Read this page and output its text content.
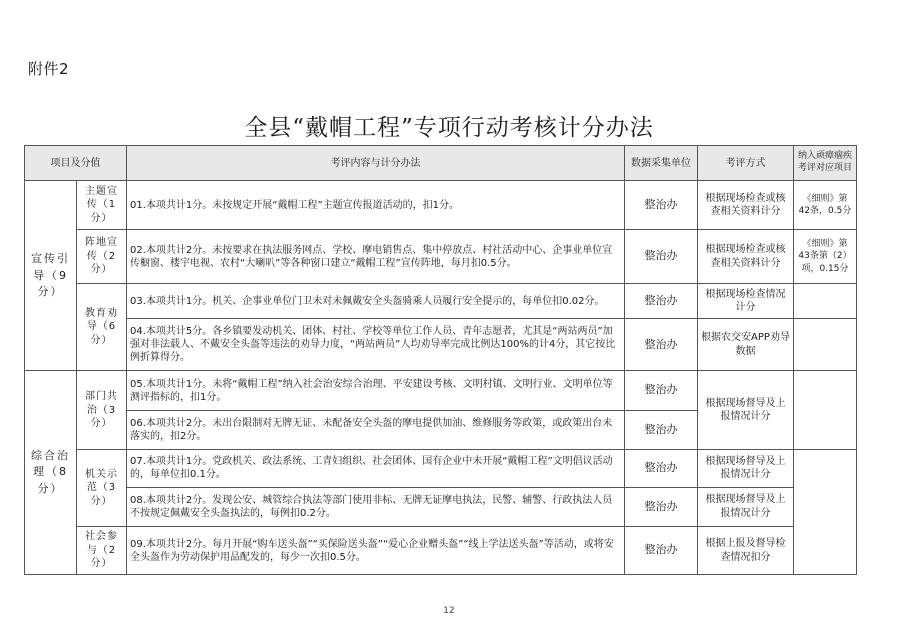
附件2
全县“戴帽工程”专项行动考核计分办法
项目及分值		考评内容与计分办法	数据采集单位	考评方式	纳入顽瘴痼疾考评对应项目
宣传引导（9分）	主题宣传（1分）	01.本项共计1分。未按规定开展“戴帽工程”主题宣传报道活动的，扣1分。	整治办	根据现场检查或核查相关资料计分	《细则》第42条，0.5分
	阵地宣传（2分）	02.本项共计2分。未按要求在执法服务网点、学校、摩电销售点、集中停放点、村社活动中心、企事业单位宣传橱窗、楼宇电视、农村“大喇叭”等各种窗口建立“戴帽工程”宣传阵地，每月扣0.5分。	整治办	根据现场检查或核查相关资料计分	《细则》第43条第（2）项，0.15分
	教育劝导（6分）	03.本项共计1分。机关、企事业单位门卫未对未佩戴安全头盔骑乘人员履行安全提示的，每单位扣0.02分。	整治办	根据现场检查情况计分	
		04.本项共计5分。各乡镇要发动机关、团体、村社、学校等单位工作人员、青年志愿者，尤其是“两站两员”加强对非法载人、不戴安全头盔等违法的劝导力度，“两站两员”人均劝导率完成比例达100%的计4分，其它按比例折算得分。	整治办	根据农交安APP劝导数据	
综合治理（8分）	部门共治（3分）	05.本项共计1分。未将“戴帽工程”纳入社会治安综合治理、平安建设考核、文明村镇、文明行业、文明单位等测评指标的，扣1分。	整治办	根据现场督导及上报情况计分	
		06.本项共计2分。未出台限制对无牌无证、未配备安全头盔的摩电提供加油、维修服务等政策，或政策出台未落实的，扣2分。	整治办		
	机关示范（3分）	07.本项共计1分。党政机关、政法系统、工青妇组织、社会团体、国有企业中未开展“戴帽工程”文明倡议活动的，每单位扣0.1分。	整治办	根据现场督导及上报情况计分	
		08.本项共计2分。发现公安、城管综合执法等部门使用非标、无牌无证摩电执法，民警、辅警、行政执法人员不按规定佩戴安全头盔执法的，每例扣0.2分。	整治办	根据现场督导及上报情况计分	
	社会参与（2分）	09.本项共计2分。每月开展“购车送头盔”“买保险送头盔”“爱心企业赠头盔”“线上学法送头盔”等活动，或将安全头盔作为劳动保护用品配发的，每少一次扣0.5分。	整治办	根据上报及督导检查情况扣分	
12
